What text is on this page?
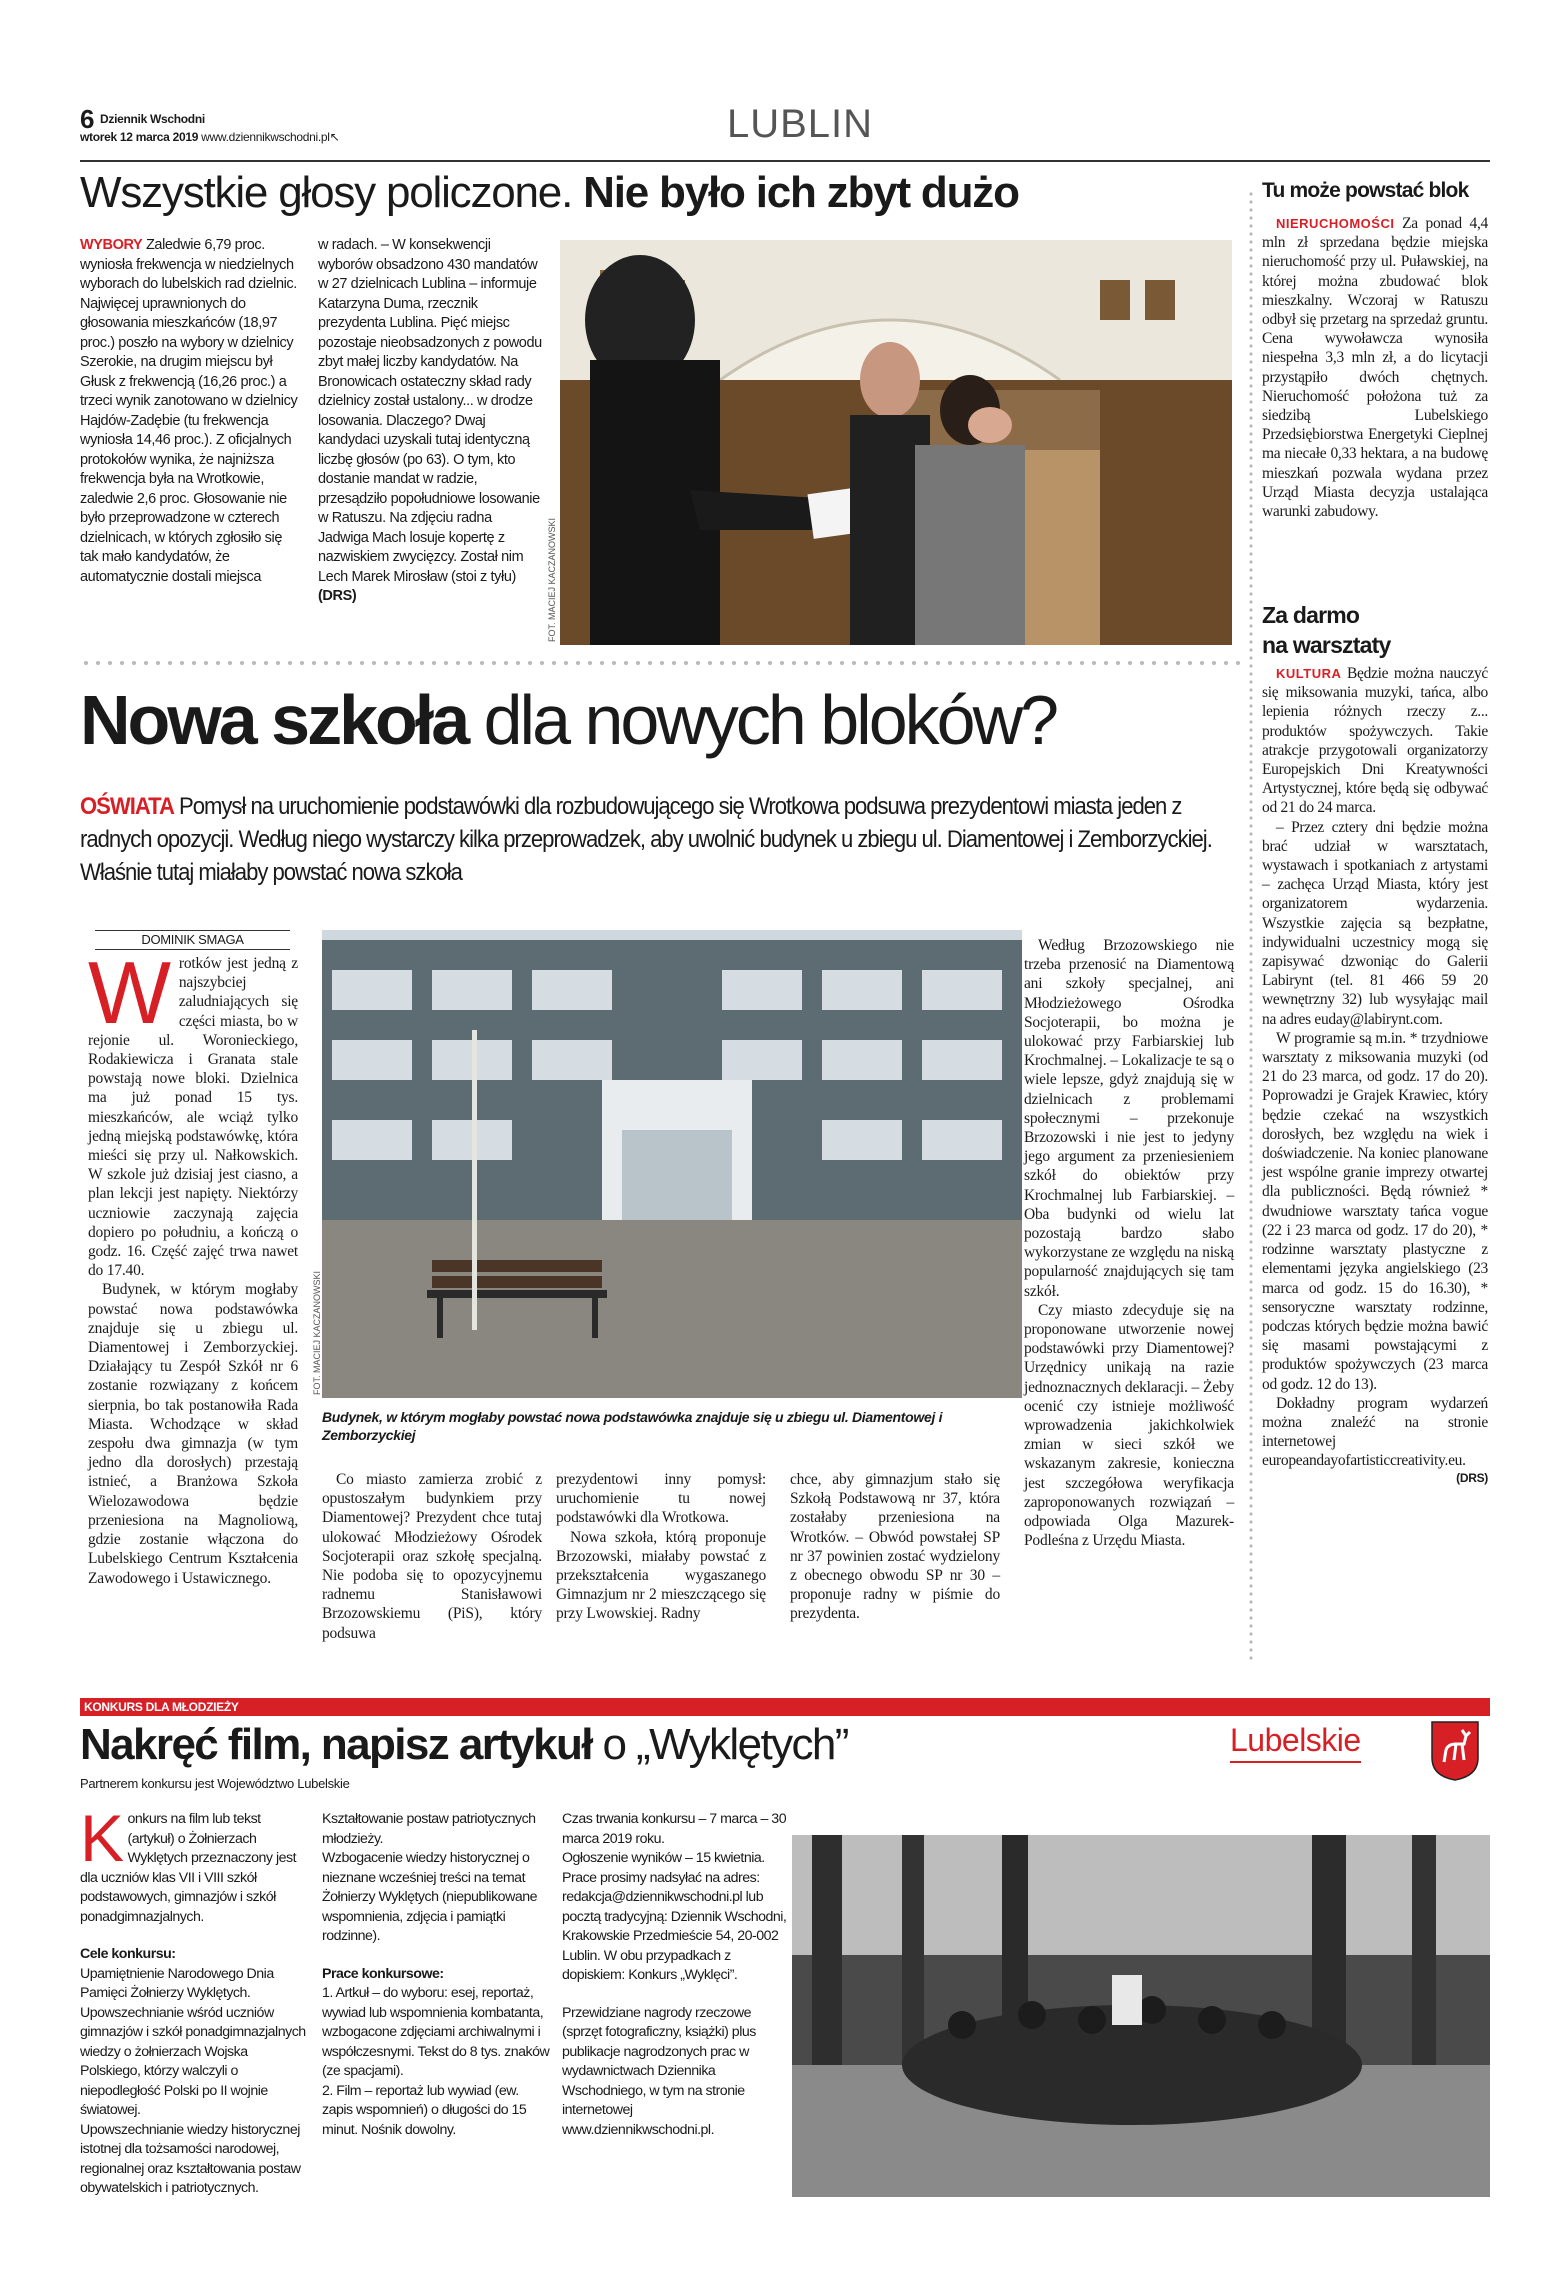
6 Dziennik Wschodni
wtorek 12 marca 2019 www.dziennikwschodni.pl↖	LUBLIN
Wszystkie głosy policzone. Nie było ich zbyt dużo
WYBORY Zaledwie 6,79 proc. wyniosła frekwencja w niedzielnych wyborach do lubelskich rad dzielnic. Najwięcej uprawnionych do głosowania mieszkańców (18,97 proc.) poszło na wybory w dzielnicy Szerokie, na drugim miejscu był Głusk z frekwencją (16,26 proc.) a trzeci wynik zanotowano w dzielnicy Hajdów-Zadębie (tu frekwencja wyniosła 14,46 proc.). Z oficjalnych protokołów wynika, że najniższa frekwencja była na Wrotkowie, zaledwie 2,6 proc. Głosowanie nie było przeprowadzone w czterech dzielnicach, w których zgłosiło się tak mało kandydatów, że automatycznie dostali miejsca
w radach. – W konsekwencji wyborów obsadzono 430 mandatów w 27 dzielnicach Lublina – informuje Katarzyna Duma, rzecznik prezydenta Lublina. Pięć miejsc pozostaje nieobsadzonych z powodu zbyt małej liczby kandydatów. Na Bronowicach ostateczny skład rady dzielnicy został ustalony... w drodze losowania. Dlaczego? Dwaj kandydaci uzyskali tutaj identyczną liczbę głosów (po 63). O tym, kto dostanie mandat w radzie, przesądziło popołudniowe losowanie w Ratuszu. Na zdjęciu radna Jadwiga Mach losuje kopertę z nazwiskiem zwycięzcy. Został nim Lech Marek Mirosław (stoi z tyłu) (DRS)	FOT. MACIEJ KACZANOWSKI
Tu może powstać blok
NIERUCHOMOŚCI Za ponad 4,4 mln zł sprzedana będzie miejska nieruchomość przy ul. Puławskiej, na której można zbudować blok mieszkalny. Wczoraj w Ratuszu odbył się przetarg na sprzedaż gruntu. Cena wywoławcza wynosiła niespełna 3,3 mln zł, a do licytacji przystąpiło dwóch chętnych. Nieruchomość położona tuż za siedzibą Lubelskiego Przedsiębiorstwa Energetyki Cieplnej ma niecałe 0,33 hektara, a na budowę mieszkań pozwala wydana przez Urząd Miasta decyzja ustalająca warunki zabudowy.
Za darmo
na warsztaty

KULTURA Będzie można nauczyć się miksowania muzyki, tańca, albo lepienia różnych rzeczy z... produktów spożywczych. Takie atrakcje przygotowali organizatorzy Europejskich Dni Kreatywności Artystycznej, które będą się odbywać od 21 do 24 marca.

– Przez cztery dni będzie można brać udział w warsztatach, wystawach i spotkaniach z artystami – zachęca Urząd Miasta, który jest organizatorem wydarzenia. Wszystkie zajęcia są bezpłatne, indywidualni uczestnicy mogą się zapisywać dzwoniąc do Galerii Labirynt (tel. 81 466 59 20 wewnętrzny 32) lub wysyłając mail na adres euday@labirynt.com.

W programie są m.in. * trzydniowe warsztaty z miksowania muzyki (od 21 do 23 marca, od godz. 17 do 20). Poprowadzi je Grajek Krawiec, który będzie czekać na wszystkich dorosłych, bez względu na wiek i doświadczenie. Na koniec planowane jest wspólne granie imprezy otwartej dla publiczności. Będą również * dwudniowe warsztaty tańca vogue (22 i 23 marca od godz. 17 do 20), * rodzinne warsztaty plastyczne z elementami języka angielskiego (23 marca od godz. 15 do 16.30), * sensoryczne warsztaty rodzinne, podczas których będzie można bawić się masami powstającymi z produktów spożywczych (23 marca od godz. 12 do 13).

Dokładny program wydarzeń można znaleźć na stronie internetowej europeandayofartisticcreativity.eu.

(DRS)

Nowa szkoła dla nowych bloków?
OŚWIATA Pomysł na uruchomienie podstawówki dla rozbudowującego się Wrotkowa podsuwa prezydentowi miasta jeden z radnych opozycji. Według niego wystarczy kilka przeprowadzek, aby uwolnić budynek u zbiegu ul. Diamentowej i Zemborzyckiej. Właśnie tutaj miałaby powstać nowa szkoła
DOMINIK SMAGA

Wrotków jest jedną z najszybciej zaludniających się części miasta, bo w rejonie ul. Woronieckiego, Rodakiewicza i Granata stale powstają nowe bloki. Dzielnica ma już ponad 15 tys. mieszkańców, ale wciąż tylko jedną miejską podstawówkę, która mieści się przy ul. Nałkowskich. W szkole już dzisiaj jest ciasno, a plan lekcji jest napięty. Niektórzy uczniowie zaczynają zajęcia dopiero po południu, a kończą o godz. 16. Część zajęć trwa nawet do 17.40.

Budynek, w którym mogłaby powstać nowa podstawówka znajduje się u zbiegu ul. Diamentowej i Zemborzyckiej. Działający tu Zespół Szkół nr 6 zostanie rozwiązany z końcem sierpnia, bo tak postanowiła Rada Miasta. Wchodzące w skład zespołu dwa gimnazja (w tym jedno dla dorosłych) przestają istnieć, a Branżowa Szkoła Wielozawodowa będzie przeniesiona na Magnoliową, gdzie zostanie włączona do Lubelskiego Centrum Kształcenia Zawodowego i Ustawicznego.

FOT. MACIEJ KACZANOWSKI
Budynek, w którym mogłaby powstać nowa podstawówka znajduje się u zbiegu ul. Diamentowej i Zemborzyckiej

Co miasto zamierza zrobić z opustoszałym budynkiem przy Diamentowej? Prezydent chce tutaj ulokować Młodzieżowy Ośrodek Socjoterapii oraz szkołę specjalną. Nie podoba się to opozycyjnemu radnemu Stanisławowi Brzozowskiemu (PiS), który podsuwa

prezydentowi inny pomysł: uruchomienie tu nowej podstawówki dla Wrotkowa.

Nowa szkoła, którą proponuje Brzozowski, miałaby powstać z przekształcenia wygaszanego Gimnazjum nr 2 mieszczącego się przy Lwowskiej. Radny

chce, aby gimnazjum stało się Szkołą Podstawową nr 37, która zostałaby przeniesiona na Wrotków. – Obwód powstałej SP nr 37 powinien zostać wydzielony z obecnego obwodu SP nr 30 – proponuje radny w piśmie do prezydenta.

Według Brzozowskiego nie trzeba przenosić na Diamentową ani szkoły specjalnej, ani Młodzieżowego Ośrodka Socjoterapii, bo można je ulokować przy Farbiarskiej lub Krochmalnej. – Lokalizacje te są o wiele lepsze, gdyż znajdują się w dzielnicach z problemami społecznymi – przekonuje Brzozowski i nie jest to jedyny jego argument za przeniesieniem szkół do obiektów przy Krochmalnej lub Farbiarskiej. – Oba budynki od wielu lat pozostają bardzo słabo wykorzystane ze względu na niską popularność znajdujących się tam szkół.

Czy miasto zdecyduje się na proponowane utworzenie nowej podstawówki przy Diamentowej? Urzędnicy unikają na razie jednoznacznych deklaracji. – Żeby ocenić czy istnieje możliwość wprowadzenia jakichkolwiek zmian w sieci szkół we wskazanym zakresie, konieczna jest szczegółowa weryfikacja zaproponowanych rozwiązań – odpowiada Olga Mazurek-Podleśna z Urzędu Miasta.

KONKURS DLA MŁODZIEŻY
Nakręć film, napisz artykuł o „Wyklętych”
Partnerem konkursu jest Województwo Lubelskie
Lubelskie

Konkurs na film lub tekst (artykuł) o Żołnierzach Wyklętych przeznaczony jest dla uczniów klas VII i VIII szkół podstawowych, gimnazjów i szkół ponadgimnazjalnych.

Cele konkursu:

Upamiętnienie Narodowego Dnia Pamięci Żołnierzy Wyklętych.

Upowszechnianie wśród uczniów gimnazjów i szkół ponadgimnazjalnych wiedzy o żołnierzach Wojska Polskiego, którzy walczyli o niepodległość Polski po II wojnie światowej.

Upowszechnianie wiedzy historycznej istotnej dla tożsamości narodowej, regionalnej oraz kształtowania postaw obywatelskich i patriotycznych.

Kształtowanie postaw patriotycznych młodzieży.

Wzbogacenie wiedzy historycznej o nieznane wcześniej treści na temat Żołnierzy Wyklętych (niepublikowane wspomnienia, zdjęcia i pamiątki rodzinne).

Prace konkursowe:

1. Artkuł – do wyboru: esej, reportaż, wywiad lub wspomnienia kombatanta, wzbogacone zdjęciami archiwalnymi i współczesnymi. Tekst do 8 tys. znaków (ze spacjami).

2. Film – reportaż lub wywiad (ew. zapis wspomnień) o długości do 15 minut. Nośnik dowolny.

Czas trwania konkursu – 7 marca – 30 marca 2019 roku.

Ogłoszenie wyników – 15 kwietnia.

Prace prosimy nadsyłać na adres: redakcja@dziennikwschodni.pl lub pocztą tradycyjną: Dziennik Wschodni, Krakowskie Przedmieście 54, 20-002 Lublin. W obu przypadkach z dopiskiem: Konkurs „Wyklęci”.

Przewidziane nagrody rzeczowe (sprzęt fotograficzny, książki) plus publikacje nagrodzonych prac w wydawnictwach Dziennika Wschodniego, w tym na stronie internetowej www.dziennikwschodni.pl.
